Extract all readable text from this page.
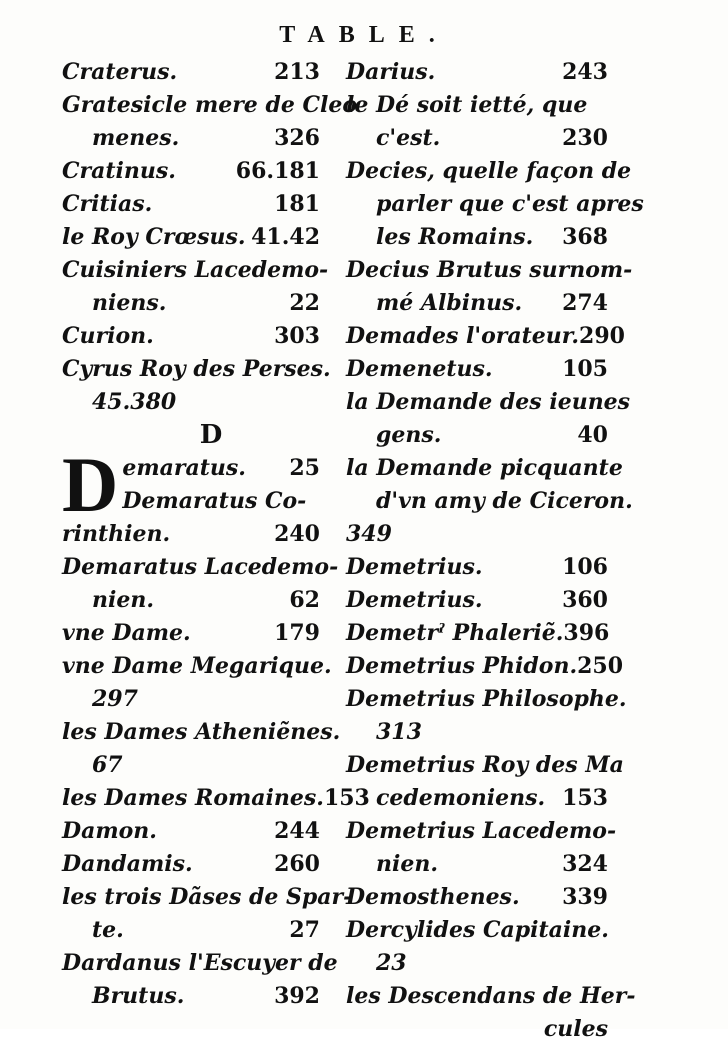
TABLE.
Craterus.	213
Gratesicle mere de Cleo
menes.	326
Cratinus.	66.181
Critias.	181
le Roy Crœsus. 41.42
Cuisiniers Lacedemo-
niens.	22
Curion.	303
Cyrus Roy des Perses.
45.380
D
D emaratus. 25
Demaratus Co-
rinthien.	240
Demaratus Lacedemo-
nien.	62
vne Dame.	179
vne Dame Megarique.
297
les Dames Atheniẽnes.
67
les Dames Romaines. 153
Damon.	244
Dandamis.	260
les trois Dãses de Spar-
te.	27
Dardanus l'Escuyer de
Brutus.	392
Darius.	243
le Dé soit ietté, que
c'est.	230
Decies, quelle façon de
parler que c'est apres
les Romains. 368
Decius Brutus surnom-
mé Albinus. 274
Demades l'orateur. 290
Demenetus.	105
la Demande des ieunes
gens.	40
la Demande picquante
d'vn amy de Ciceron.
349
Demetrius.	106
Demetrius.	360
Demetrˀ Phaleriẽ. 396
Demetrius Phidon. 250
Demetrius Philosophe.
313
Demetrius Roy des Ma
cedemoniens. 153
Demetrius Lacedemo-
nien.	324
Demosthenes. 339
Dercylides Capitaine.
23
les Descendans de Her-
cules
